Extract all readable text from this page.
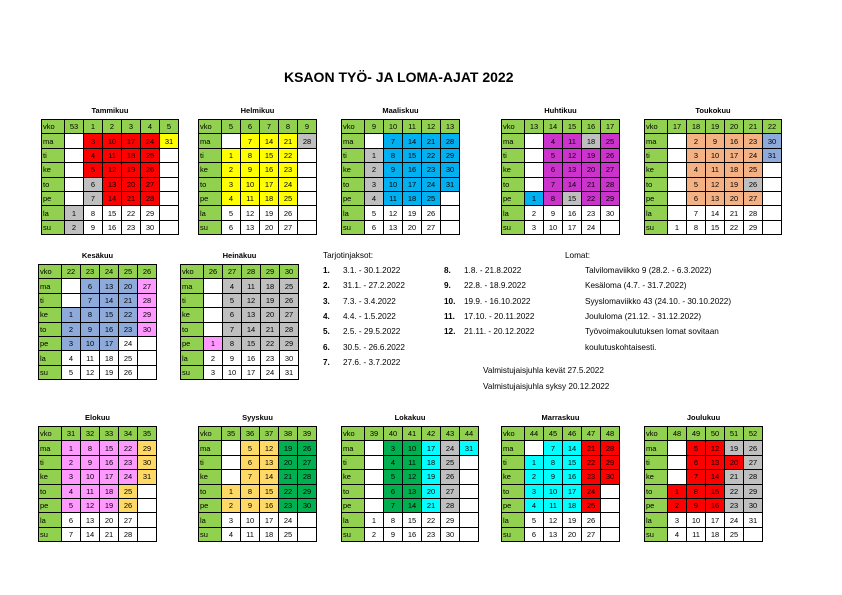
KSAON TYÖ- JA LOMA-AJAT 2022
Tammikuu
vko	53	1	2	3	4	5
ma		3	10	17	24	31
ti		4	11	18	25	
ke		5	12	19	26	
to		6	13	20	27	
pe		7	14	21	28	
la	1	8	15	22	29	
su	2	9	16	23	30	
Helmikuu
vko	5	6	7	8	9
ma		7	14	21	28
ti	1	8	15	22	
ke	2	9	16	23	
to	3	10	17	24	
pe	4	11	18	25	
la	5	12	19	26	
su	6	13	20	27	
Maaliskuu
vko	9	10	11	12	13
ma		7	14	21	28
ti	1	8	15	22	29
ke	2	9	16	23	30
to	3	10	17	24	31
pe	4	11	18	25	
la	5	12	19	26	
su	6	13	20	27	
Huhtikuu
vko	13	14	15	16	17
ma		4	11	18	25
ti		5	12	19	26
ke		6	13	20	27
to		7	14	21	28
pe	1	8	15	22	29
la	2	9	16	23	30
su	3	10	17	24	
Toukokuu
vko	17	18	19	20	21	22
ma		2	9	16	23	30
ti		3	10	17	24	31
ke		4	11	18	25	
to		5	12	19	26	
pe		6	13	20	27	
la		7	14	21	28	
su	1	8	15	22	29	
Kesäkuu
vko	22	23	24	25	26
ma		6	13	20	27
ti		7	14	21	28
ke	1	8	15	22	29
to	2	9	16	23	30
pe	3	10	17	24	
la	4	11	18	25	
su	5	12	19	26	
Heinäkuu
vko	26	27	28	29	30
ma		4	11	18	25
ti		5	12	19	26
ke		6	13	20	27
to		7	14	21	28
pe	1	8	15	22	29
la	2	9	16	23	30
su	3	10	17	24	31
Elokuu
vko	31	32	33	34	35
ma	1	8	15	22	29
ti	2	9	16	23	30
ke	3	10	17	24	31
to	4	11	18	25	
pe	5	12	19	26	
la	6	13	20	27	
su	7	14	21	28	
Syyskuu
vko	35	36	37	38	39
ma		5	12	19	26
ti		6	13	20	27
ke		7	14	21	28
to	1	8	15	22	29
pe	2	9	16	23	30
la	3	10	17	24	
su	4	11	18	25	
Lokakuu
vko	39	40	41	42	43	44
ma		3	10	17	24	31
ti		4	11	18	25	
ke		5	12	19	26	
to		6	13	20	27	
pe		7	14	21	28	
la	1	8	15	22	29	
su	2	9	16	23	30	
Marraskuu
vko	44	45	46	47	48
ma		7	14	21	28
ti	1	8	15	22	29
ke	2	9	16	23	30
to	3	10	17	24	
pe	4	11	18	25	
la	5	12	19	26	
su	6	13	20	27	
Joulukuu
vko	48	49	50	51	52
ma		5	12	19	26
ti		6	13	20	27
ke		7	14	21	28
to	1	8	15	22	29
pe	2	9	16	23	30
la	3	10	17	24	31
su	4	11	18	25	
Tarjotinjaksot:	Lomat:
1. 3.1. - 30.1.2022
2. 31.1. - 27.2.2022
3. 7.3. - 3.4.2022
4. 4.4. - 1.5.2022
5. 2.5. - 29.5.2022
6. 30.5. - 26.6.2022
7. 27.6. - 3.7.2022
8. 1.8. - 21.8.2022
9. 22.8. - 18.9.2022
10. 19.9. - 16.10.2022
11. 17.10. - 20.11.2022
12. 21.11. - 20.12.2022
Talvilomaviikko 9 (28.2. - 6.3.2022)
Kesäloma (4.7. - 31.7.2022)
Syyslomaviikko 43 (24.10. - 30.10.2022)
Joululoma (21.12. - 31.12.2022)
Työvoimakoulutuksen lomat sovitaan
koulutuskohtaisesti.
Valmistujaisjuhla kevät 27.5.2022
Valmistujaisjuhla syksy 20.12.2022
